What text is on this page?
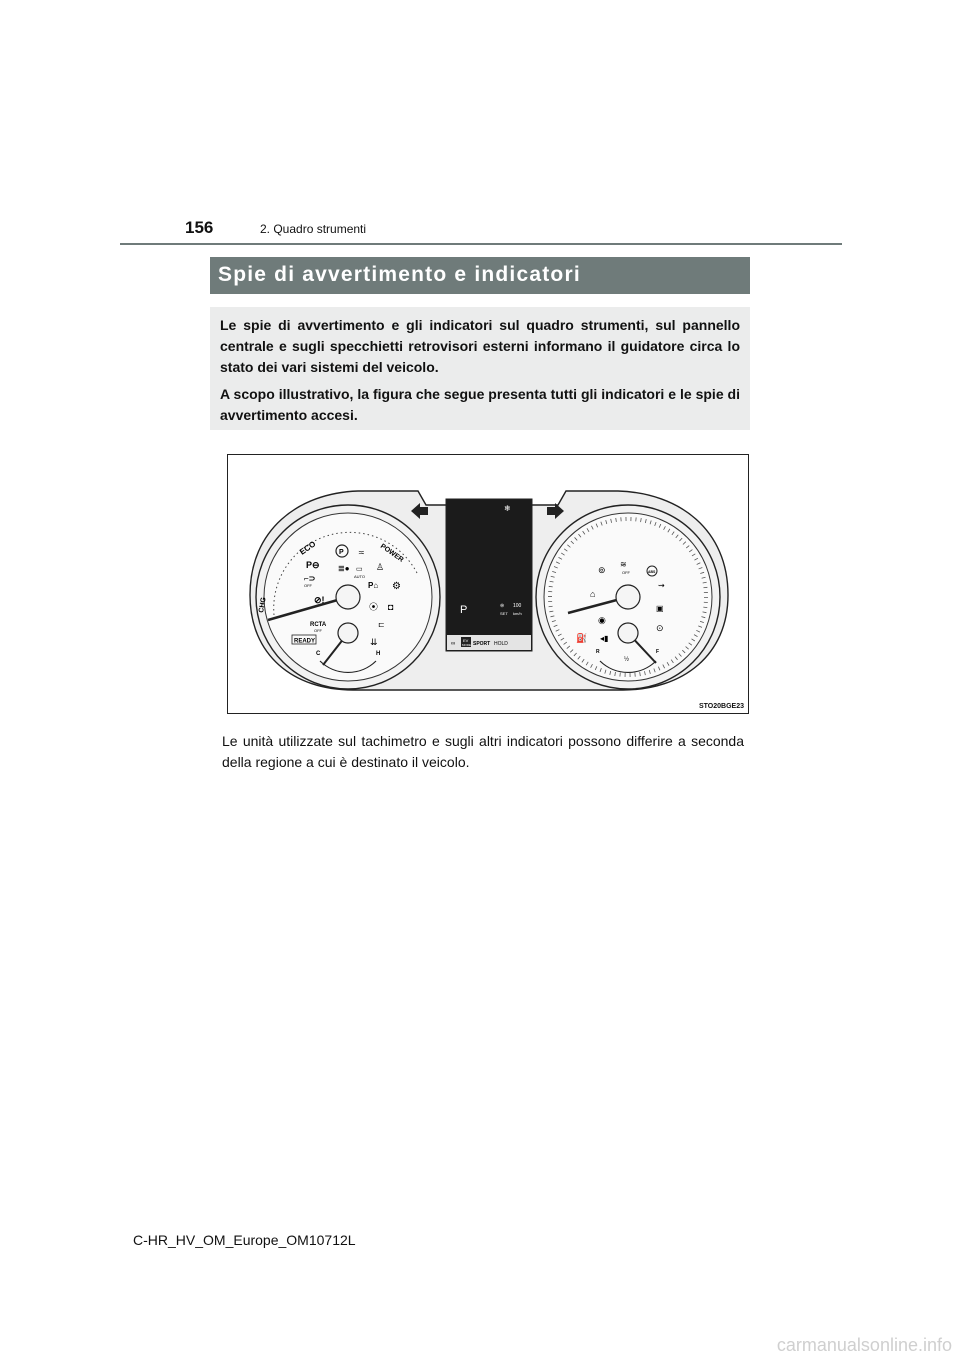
156	2. Quadro strumenti
Spie di avvertimento e indicatori

Le spie di avvertimento e gli indicatori sul quadro strumenti, sul pannello centrale e sugli specchietti retrovisori esterni informano il guidatore circa lo stato dei vari sistemi del veicolo.

A scopo illustrativo, la figura che segue presenta tutti gli indicatori e le spie di avvertimento accesi.

ECO	POWER
CHG
READY
P
P⊖
≍
≣● ▭
AUTO
♙
⌐⊃
OFF	P⌂ ⚙
⊘!
⦿ ◘
RCTA
OFF
⊏
⇊
C	H
❄
P	⊜ 100
SET km/h
EV
MODE SPORT HOLD
∞
⊚
≋
OFF	ABS
⇝
⌂
▣
◉
⊙
⛽ ◂▮
R
½
F
STO20BGE23
Le unità utilizzate sul tachimetro e sugli altri indicatori possono differire a seconda della regione a cui è destinato il veicolo.
C-HR_HV_OM_Europe_OM10712L
carmanualsonline.info
